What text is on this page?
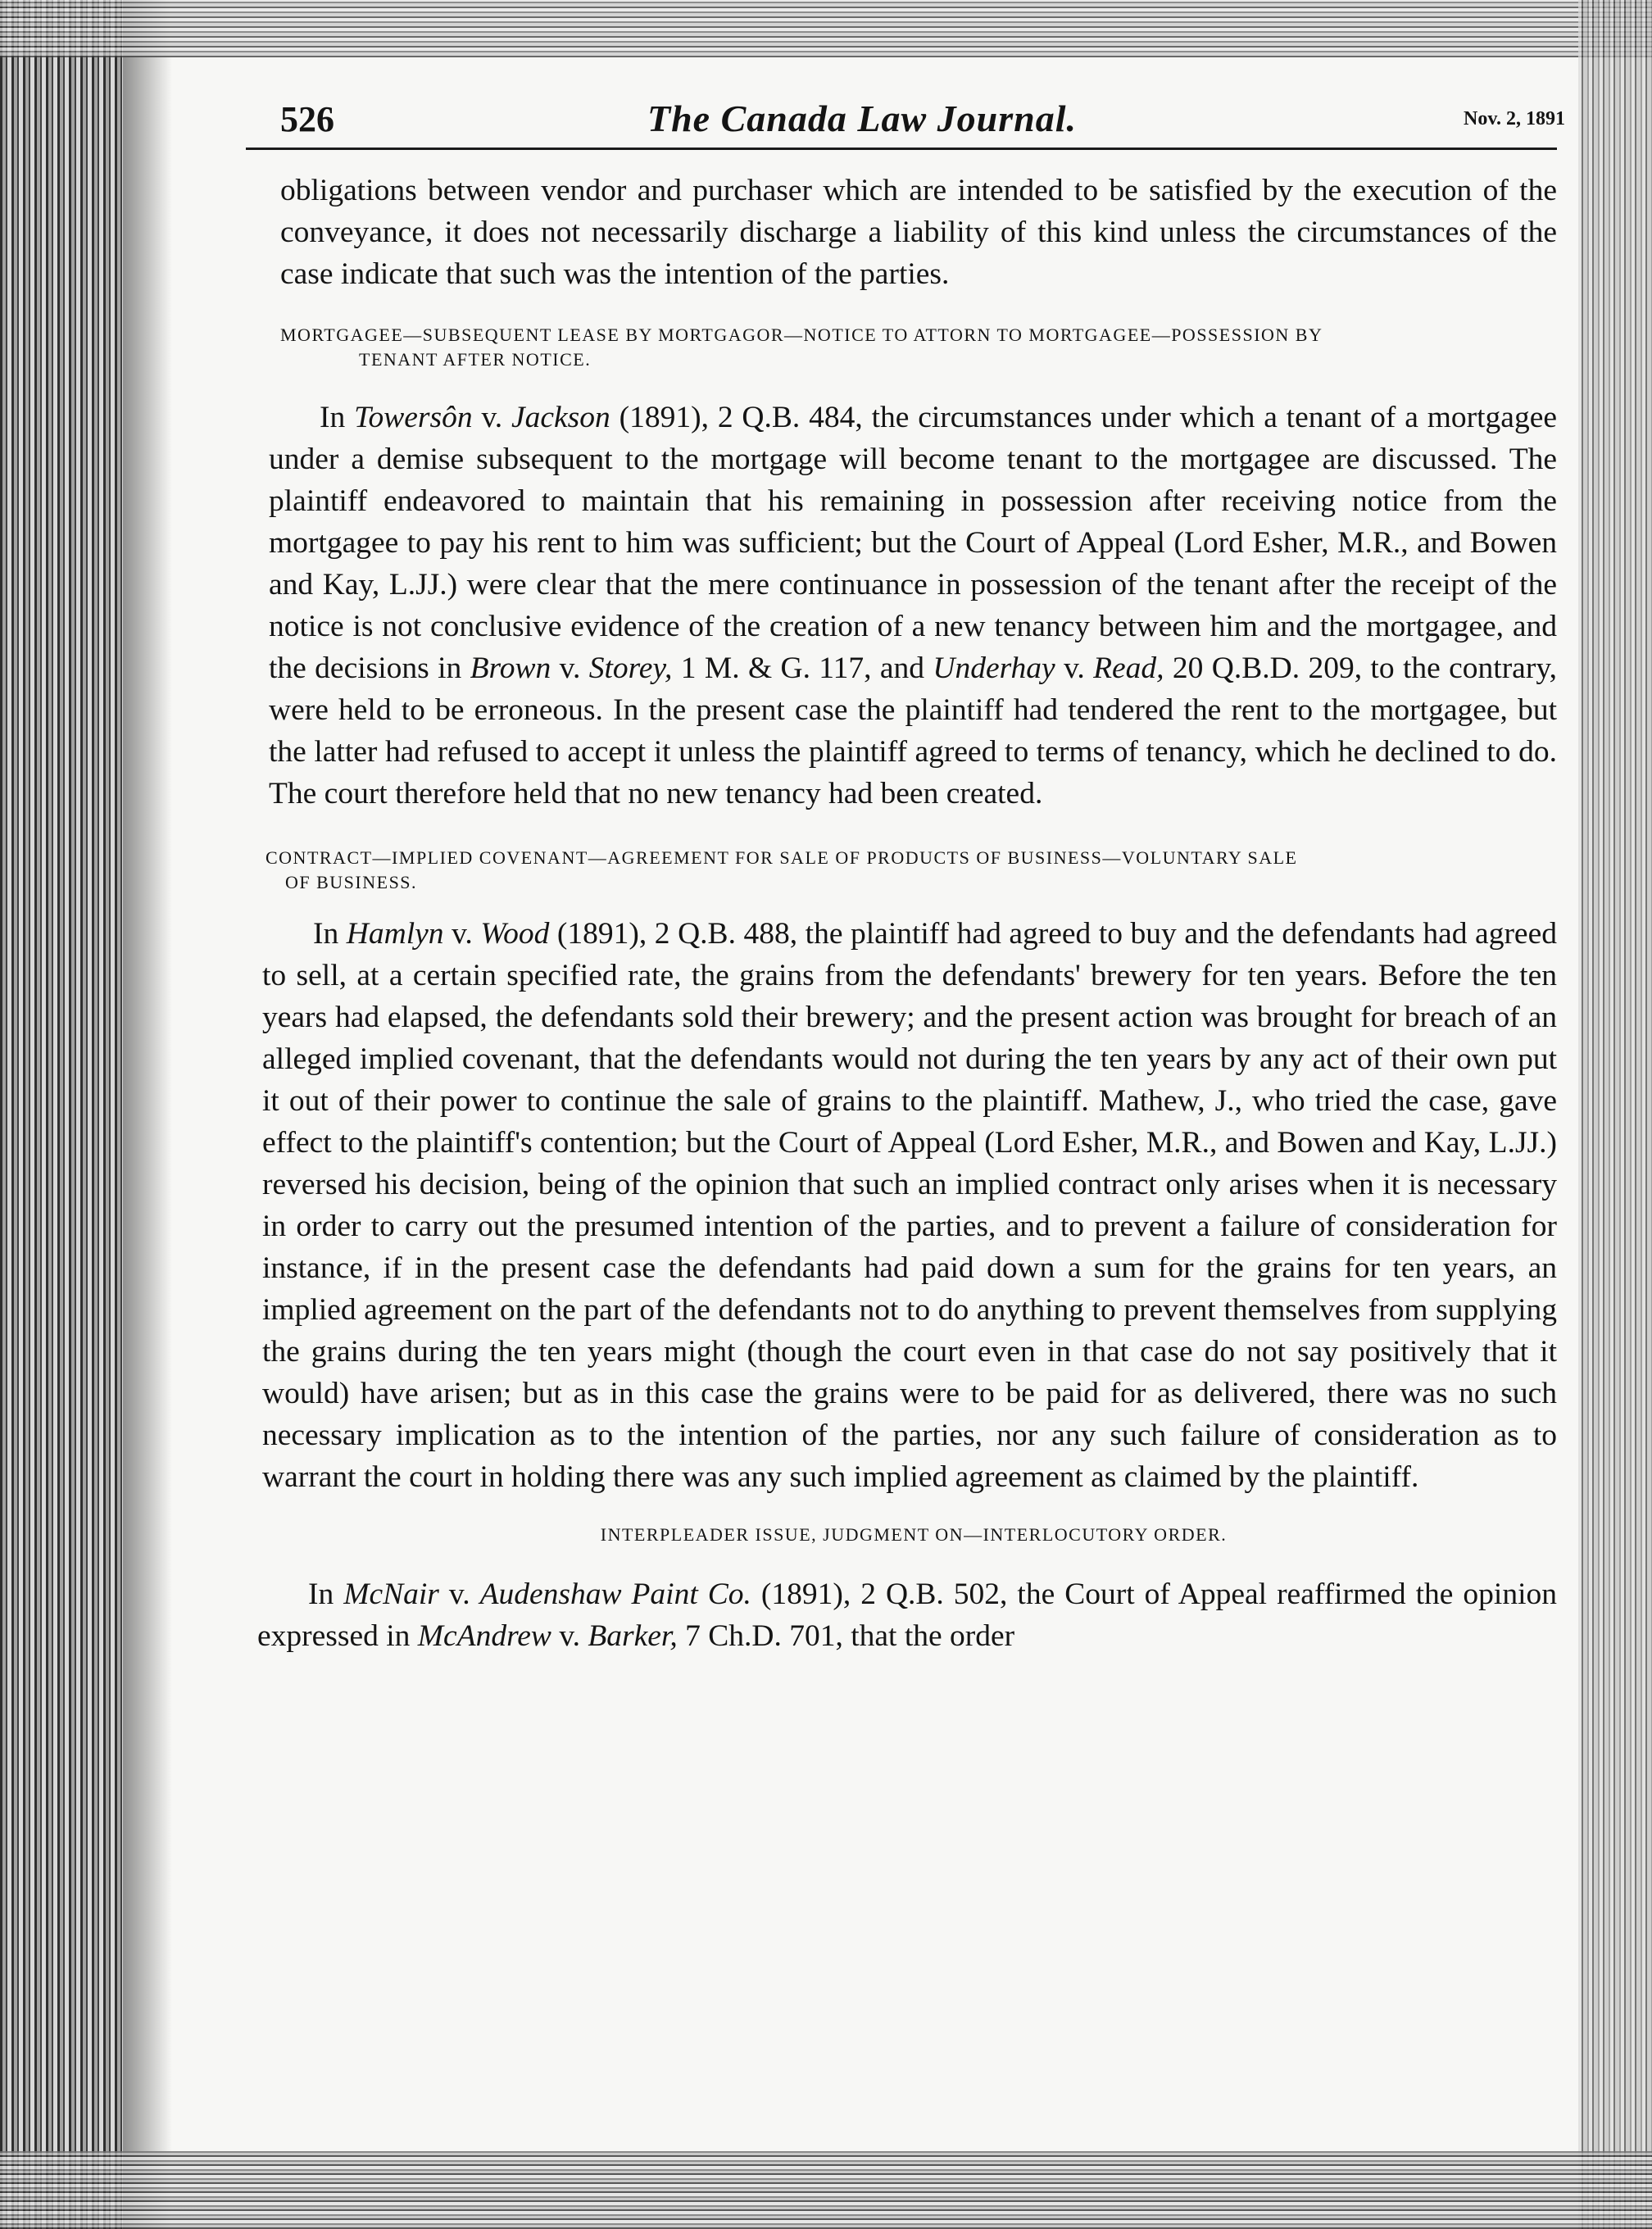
526	The Canada Law Journal.	Nov. 2, 1891

obligations between vendor and purchaser which are intended to be satisfied by the execution of the conveyance, it does not necessarily discharge a liability of this kind unless the circumstances of the case indicate that such was the intention of the parties.

MORTGAGEE—SUBSEQUENT LEASE BY MORTGAGOR—NOTICE TO ATTORN TO MORTGAGEE—POSSESSION BY
TENANT AFTER NOTICE.

In Towersôn v. Jackson (1891), 2 Q.B. 484, the circumstances under which a tenant of a mortgagee under a demise subsequent to the mortgage will become tenant to the mortgagee are discussed. The plaintiff endeavored to maintain that his remaining in possession after receiving notice from the mortgagee to pay his rent to him was sufficient; but the Court of Appeal (Lord Esher, M.R., and Bowen and Kay, L.JJ.) were clear that the mere continuance in possession of the tenant after the receipt of the notice is not conclusive evidence of the creation of a new tenancy between him and the mortgagee, and the decisions in Brown v. Storey, 1 M. & G. 117, and Underhay v. Read, 20 Q.B.D. 209, to the contrary, were held to be erroneous. In the present case the plaintiff had tendered the rent to the mortgagee, but the latter had refused to accept it unless the plaintiff agreed to terms of tenancy, which he declined to do. The court therefore held that no new tenancy had been created.

CONTRACT—IMPLIED COVENANT—AGREEMENT FOR SALE OF PRODUCTS OF BUSINESS—VOLUNTARY SALE
OF BUSINESS.

In Hamlyn v. Wood (1891), 2 Q.B. 488, the plaintiff had agreed to buy and the defendants had agreed to sell, at a certain specified rate, the grains from the defendants' brewery for ten years. Before the ten years had elapsed, the defendants sold their brewery; and the present action was brought for breach of an alleged implied covenant, that the defendants would not during the ten years by any act of their own put it out of their power to continue the sale of grains to the plaintiff. Mathew, J., who tried the case, gave effect to the plaintiff's contention; but the Court of Appeal (Lord Esher, M.R., and Bowen and Kay, L.JJ.) reversed his decision, being of the opinion that such an implied contract only arises when it is necessary in order to carry out the presumed intention of the parties, and to prevent a failure of consideration for instance, if in the present case the defendants had paid down a sum for the grains for ten years, an implied agreement on the part of the defendants not to do anything to prevent themselves from supplying the grains during the ten years might (though the court even in that case do not say positively that it would) have arisen; but as in this case the grains were to be paid for as delivered, there was no such necessary implication as to the intention of the parties, nor any such failure of consideration as to warrant the court in holding there was any such implied agreement as claimed by the plaintiff.

INTERPLEADER ISSUE, JUDGMENT ON—INTERLOCUTORY ORDER.

In McNair v. Audenshaw Paint Co. (1891), 2 Q.B. 502, the Court of Appeal reaffirmed the opinion expressed in McAndrew v. Barker, 7 Ch.D. 701, that the order
